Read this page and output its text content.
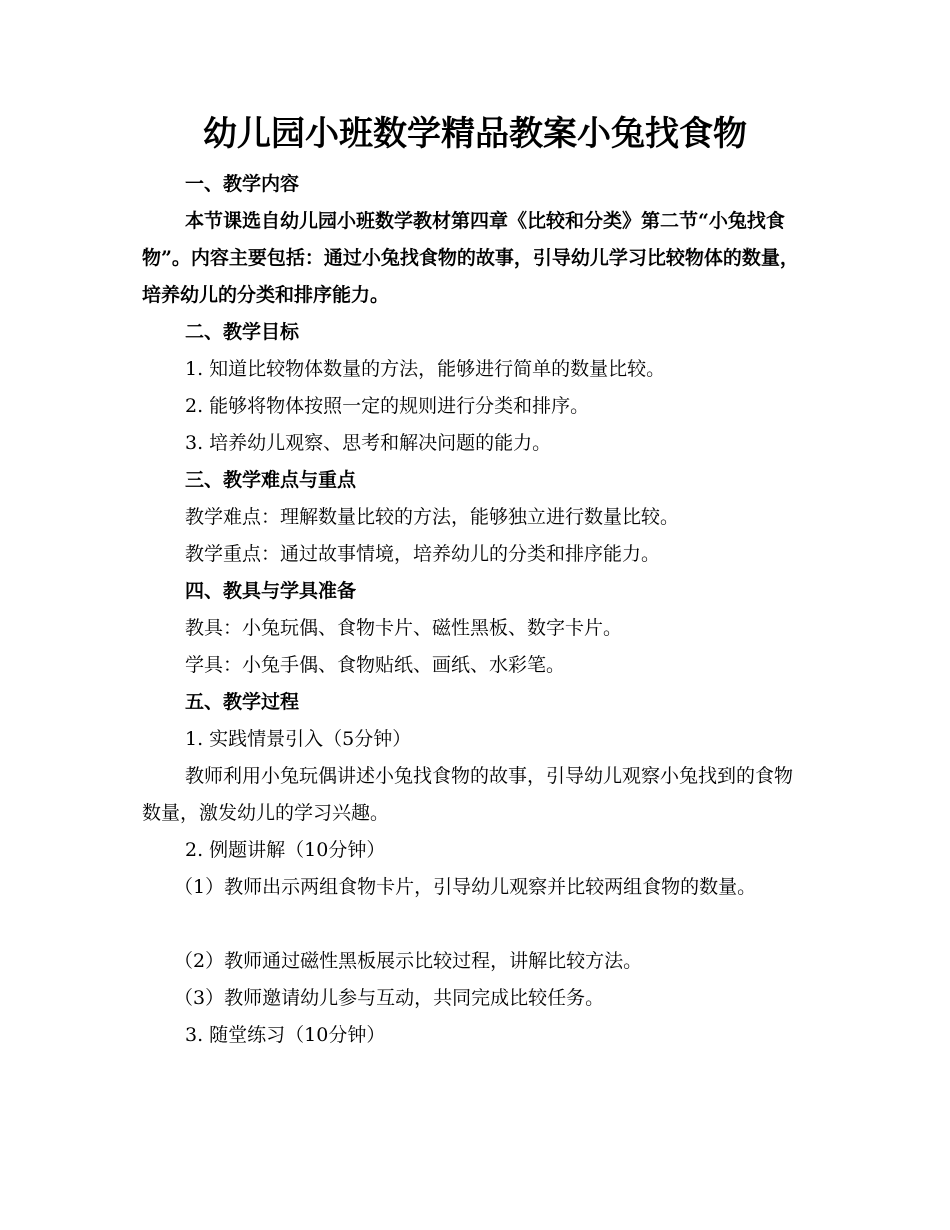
幼儿园小班数学精品教案小兔找食物

一、教学内容

本节课选自幼儿园小班数学教材第四章《比较和分类》第二节“小兔找食物”。内容主要包括：通过小兔找食物的故事，引导幼儿学习比较物体的数量，培养幼儿的分类和排序能力。

二、教学目标

1. 知道比较物体数量的方法，能够进行简单的数量比较。

2. 能够将物体按照一定的规则进行分类和排序。

3. 培养幼儿观察、思考和解决问题的能力。

三、教学难点与重点

教学难点：理解数量比较的方法，能够独立进行数量比较。

教学重点：通过故事情境，培养幼儿的分类和排序能力。

四、教具与学具准备

教具：小兔玩偶、食物卡片、磁性黑板、数字卡片。

学具：小兔手偶、食物贴纸、画纸、水彩笔。

五、教学过程

1. 实践情景引入（5分钟）

教师利用小兔玩偶讲述小兔找食物的故事，引导幼儿观察小兔找到的食物数量，激发幼儿的学习兴趣。

2. 例题讲解（10分钟）

（1）教师出示两组食物卡片，引导幼儿观察并比较两组食物的数量。

（2）教师通过磁性黑板展示比较过程，讲解比较方法。

（3）教师邀请幼儿参与互动，共同完成比较任务。

3. 随堂练习（10分钟）
